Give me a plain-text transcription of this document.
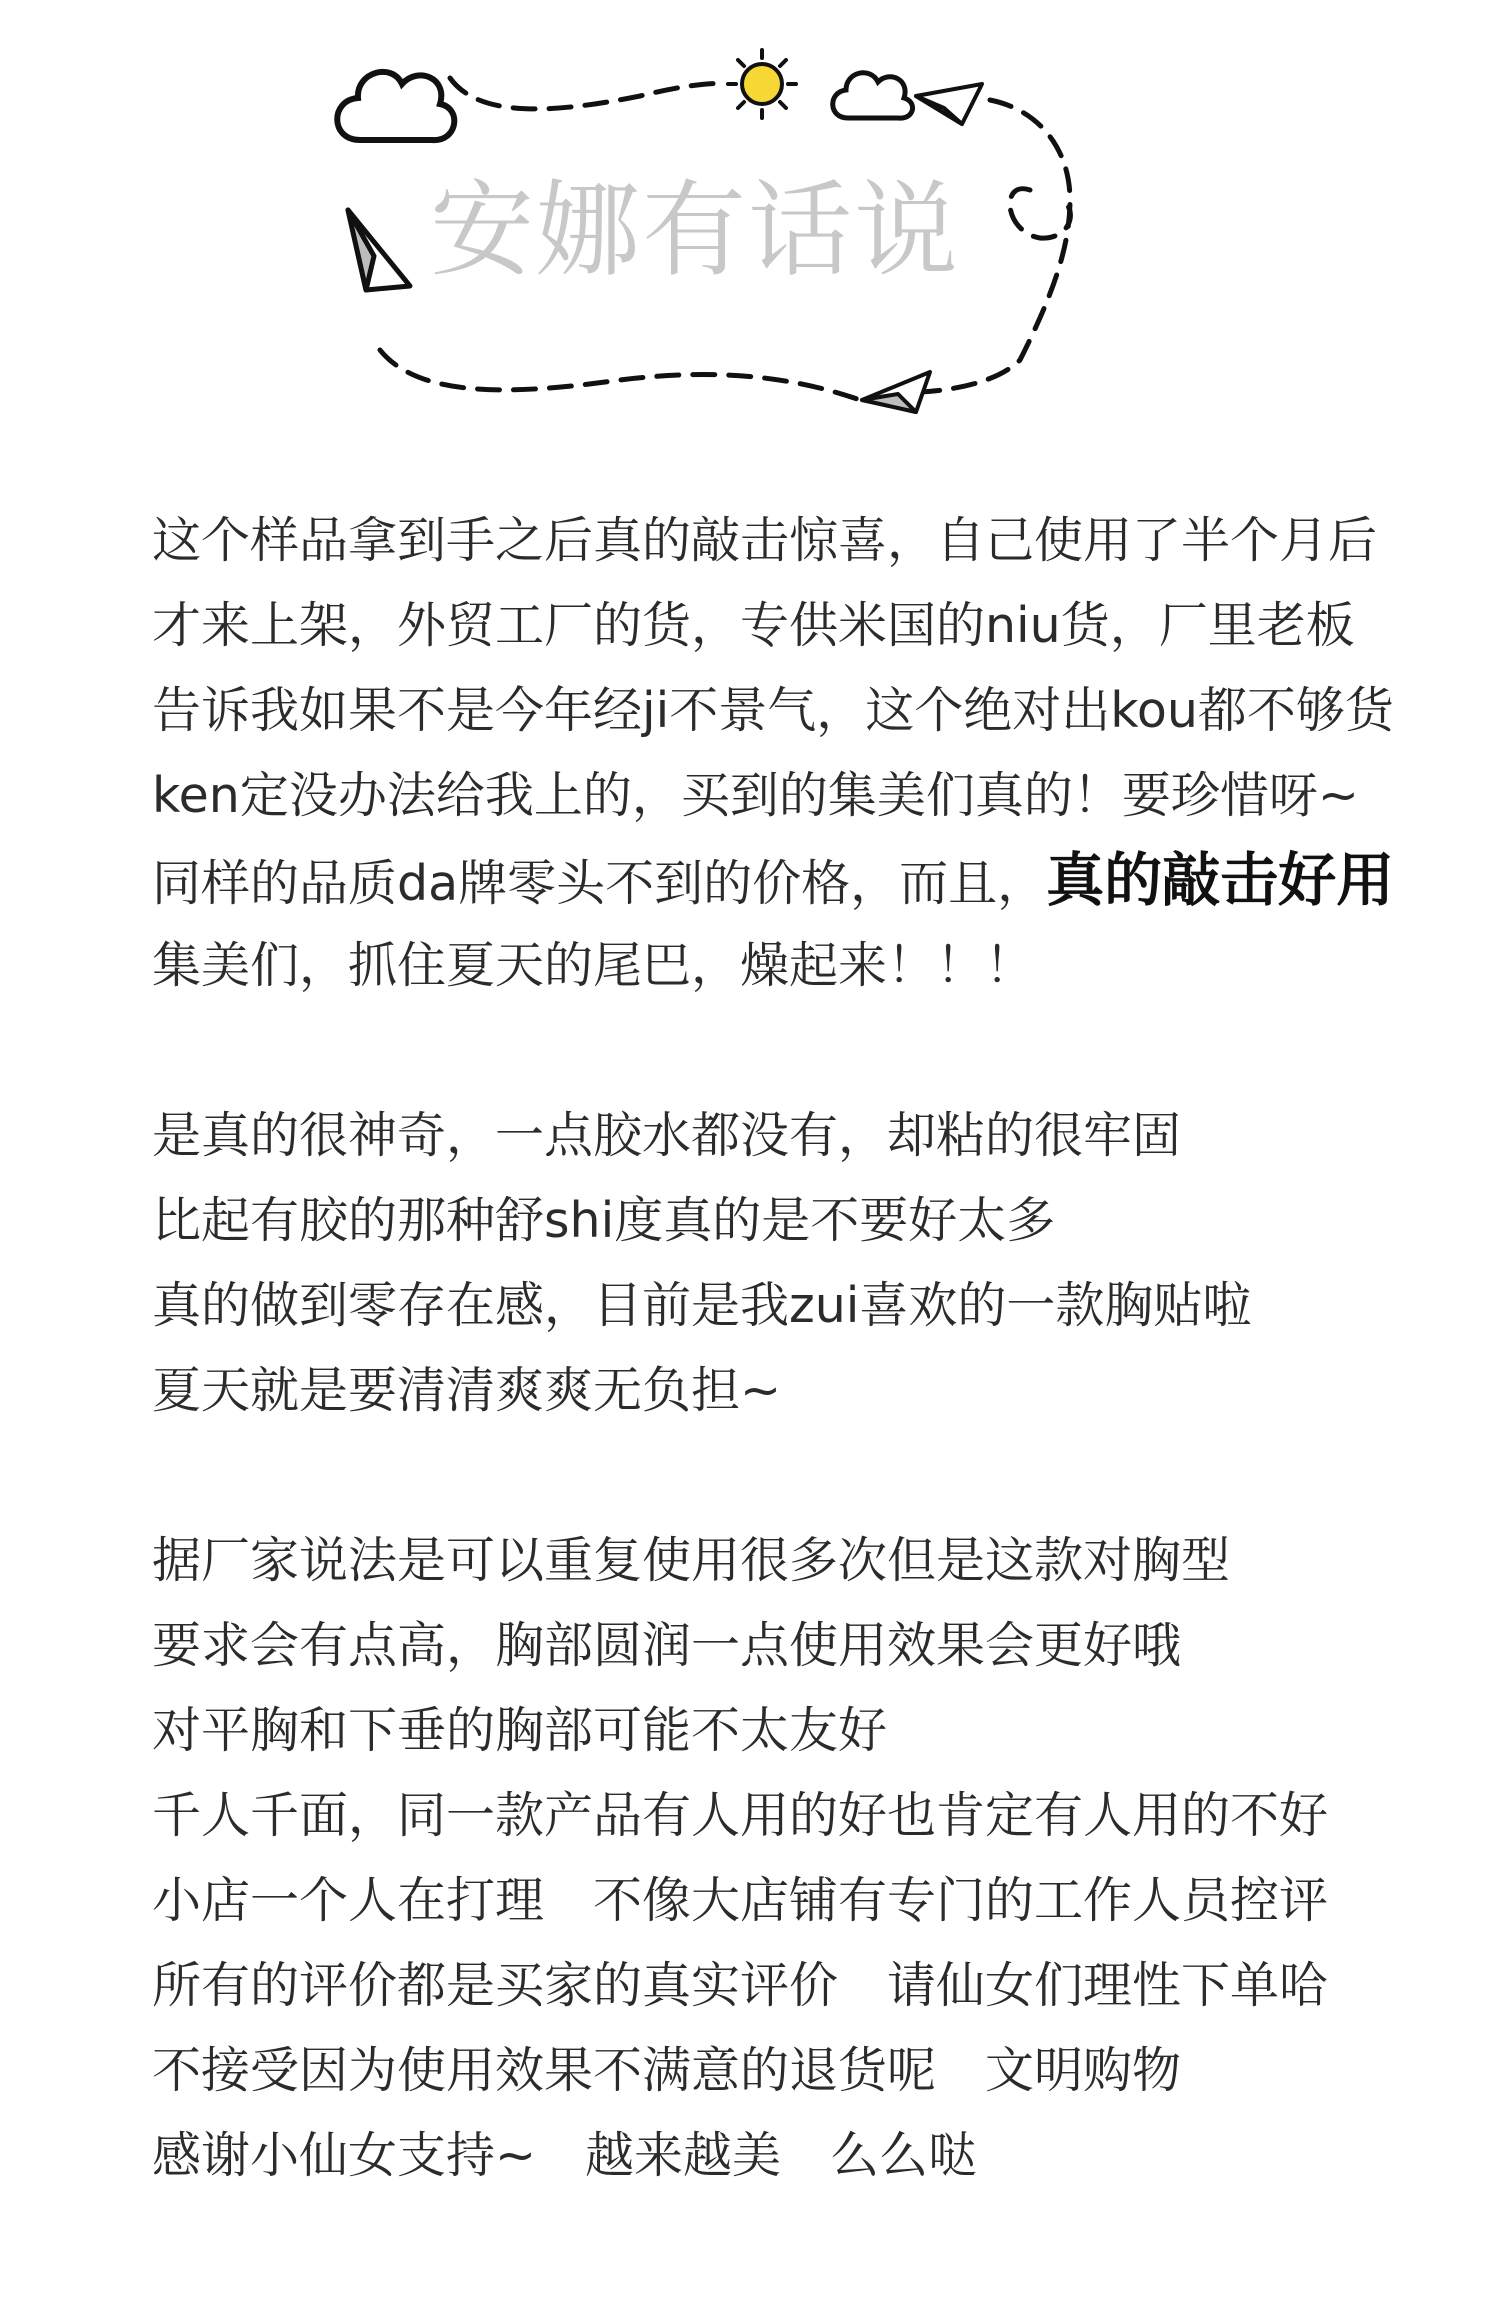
安娜有话说
这个样品拿到手之后真的敲击惊喜，自己使用了半个月后
才来上架，外贸工厂的货，专供米国的niu货，厂里老板
告诉我如果不是今年经ji不景气，这个绝对出kou都不够货
ken定没办法给我上的，买到的集美们真的！要珍惜呀~
同样的品质da牌零头不到的价格，而且，真的敲击好用
集美们，抓住夏天的尾巴，燥起来！！！
是真的很神奇，一点胶水都没有，却粘的很牢固
比起有胶的那种舒shi度真的是不要好太多
真的做到零存在感，目前是我zui喜欢的一款胸贴啦
夏天就是要清清爽爽无负担~
据厂家说法是可以重复使用很多次但是这款对胸型
要求会有点高，胸部圆润一点使用效果会更好哦
对平胸和下垂的胸部可能不太友好
千人千面，同一款产品有人用的好也肯定有人用的不好
小店一个人在打理　不像大店铺有专门的工作人员控评
所有的评价都是买家的真实评价　请仙女们理性下单哈
不接受因为使用效果不满意的退货呢　文明购物
感谢小仙女支持~　越来越美　么么哒
